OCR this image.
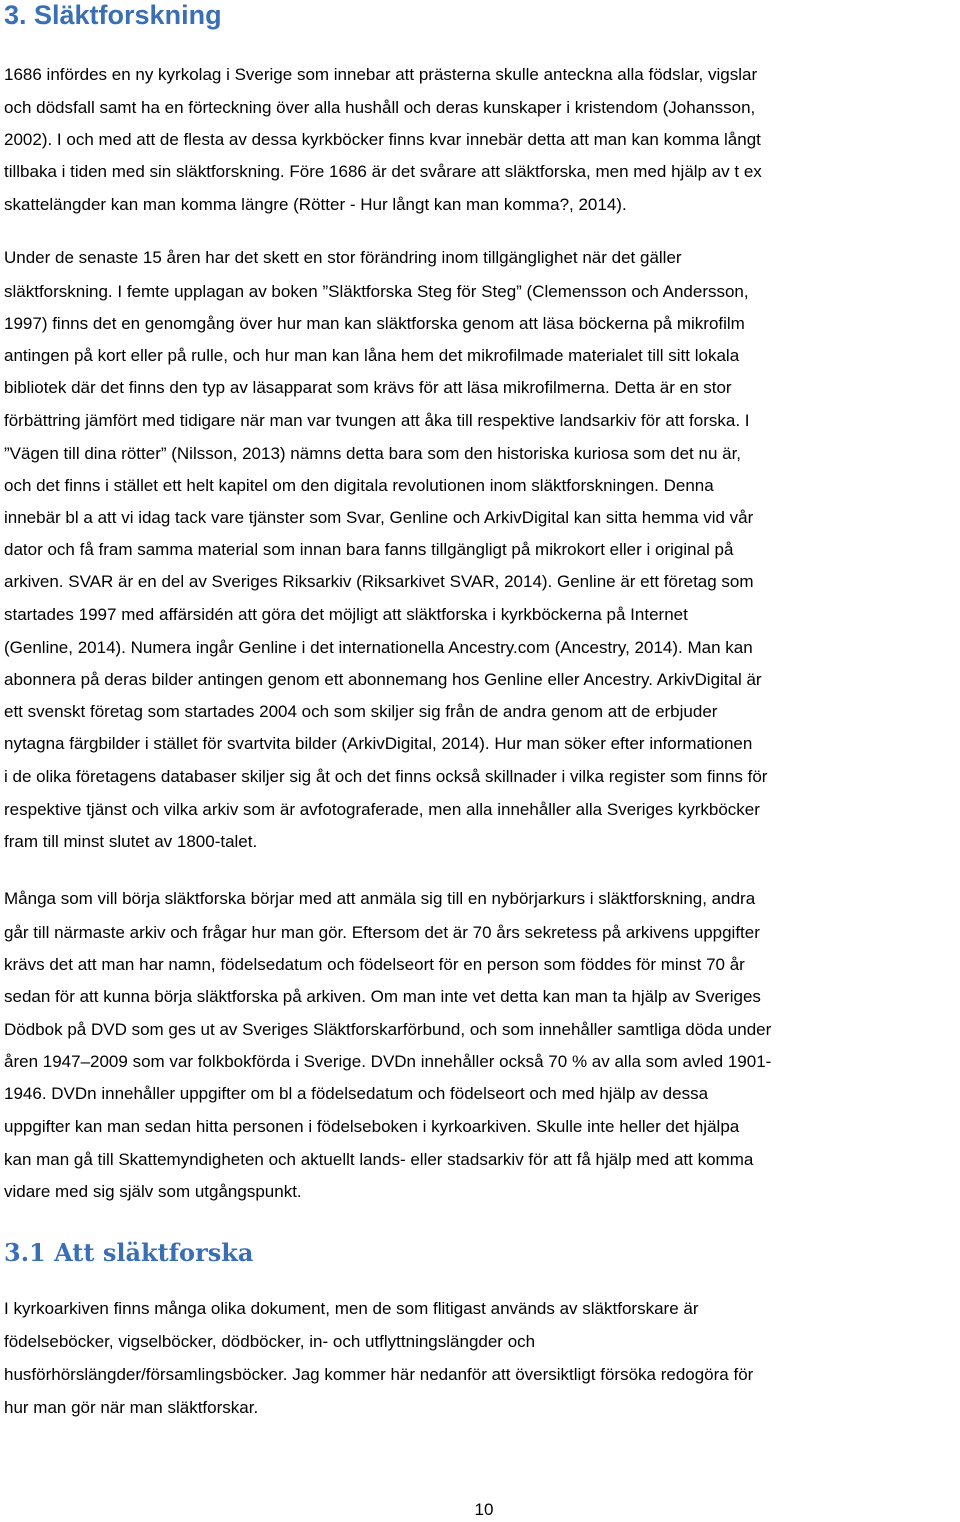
3. Släktforskning
1686 infördes en ny kyrkolag i Sverige som innebar att prästerna skulle anteckna alla födslar, vigslar
och dödsfall samt ha en förteckning över alla hushåll och deras kunskaper i kristendom (Johansson,
2002). I och med att de flesta av dessa kyrkböcker finns kvar innebär detta att man kan komma långt
tillbaka i tiden med sin släktforskning. Före 1686 är det svårare att släktforska, men med hjälp av t ex
skattelängder kan man komma längre (Rötter - Hur långt kan man komma?, 2014).
Under de senaste 15 åren har det skett en stor förändring inom tillgänglighet när det gäller
släktforskning. I femte upplagan av boken ”Släktforska Steg för Steg” (Clemensson och Andersson,
1997) finns det en genomgång över hur man kan släktforska genom att läsa böckerna på mikrofilm
antingen på kort eller på rulle, och hur man kan låna hem det mikrofilmade materialet till sitt lokala
bibliotek där det finns den typ av läsapparat som krävs för att läsa mikrofilmerna. Detta är en stor
förbättring jämfört med tidigare när man var tvungen att åka till respektive landsarkiv för att forska. I
”Vägen till dina rötter” (Nilsson, 2013) nämns detta bara som den historiska kuriosa som det nu är,
och det finns i stället ett helt kapitel om den digitala revolutionen inom släktforskningen. Denna
innebär bl a att vi idag tack vare tjänster som Svar, Genline och ArkivDigital kan sitta hemma vid vår
dator och få fram samma material som innan bara fanns tillgängligt på mikrokort eller i original på
arkiven. SVAR är en del av Sveriges Riksarkiv (Riksarkivet SVAR, 2014). Genline är ett företag som
startades 1997 med affärsidén att göra det möjligt att släktforska i kyrkböckerna på Internet
(Genline, 2014). Numera ingår Genline i det internationella Ancestry.com (Ancestry, 2014). Man kan
abonnera på deras bilder antingen genom ett abonnemang hos Genline eller Ancestry. ArkivDigital är
ett svenskt företag som startades 2004 och som skiljer sig från de andra genom att de erbjuder
nytagna färgbilder i stället för svartvita bilder (ArkivDigital, 2014). Hur man söker efter informationen
i de olika företagens databaser skiljer sig åt och det finns också skillnader i vilka register som finns för
respektive tjänst och vilka arkiv som är avfotograferade, men alla innehåller alla Sveriges kyrkböcker
fram till minst slutet av 1800-talet.
Många som vill börja släktforska börjar med att anmäla sig till en nybörjarkurs i släktforskning, andra
går till närmaste arkiv och frågar hur man gör. Eftersom det är 70 års sekretess på arkivens uppgifter
krävs det att man har namn, födelsedatum och födelseort för en person som föddes för minst 70 år
sedan för att kunna börja släktforska på arkiven. Om man inte vet detta kan man ta hjälp av Sveriges
Dödbok på DVD som ges ut av Sveriges Släktforskarförbund, och som innehåller samtliga döda under
åren 1947–2009 som var folkbokförda i Sverige. DVDn innehåller också 70 % av alla som avled 1901-
1946. DVDn innehåller uppgifter om bl a födelsedatum och födelseort och med hjälp av dessa
uppgifter kan man sedan hitta personen i födelseboken i kyrkoarkiven. Skulle inte heller det hjälpa
kan man gå till Skattemyndigheten och aktuellt lands- eller stadsarkiv för att få hjälp med att komma
vidare med sig själv som utgångspunkt.
I kyrkoarkiven finns många olika dokument, men de som flitigast används av släktforskare är
födelseböcker, vigselböcker, dödböcker, in- och utflyttningslängder och
husförhörslängder/församlingsböcker. Jag kommer här nedanför att översiktligt försöka redogöra för
hur man gör när man släktforskar.
3.1 Att släktforska
10
